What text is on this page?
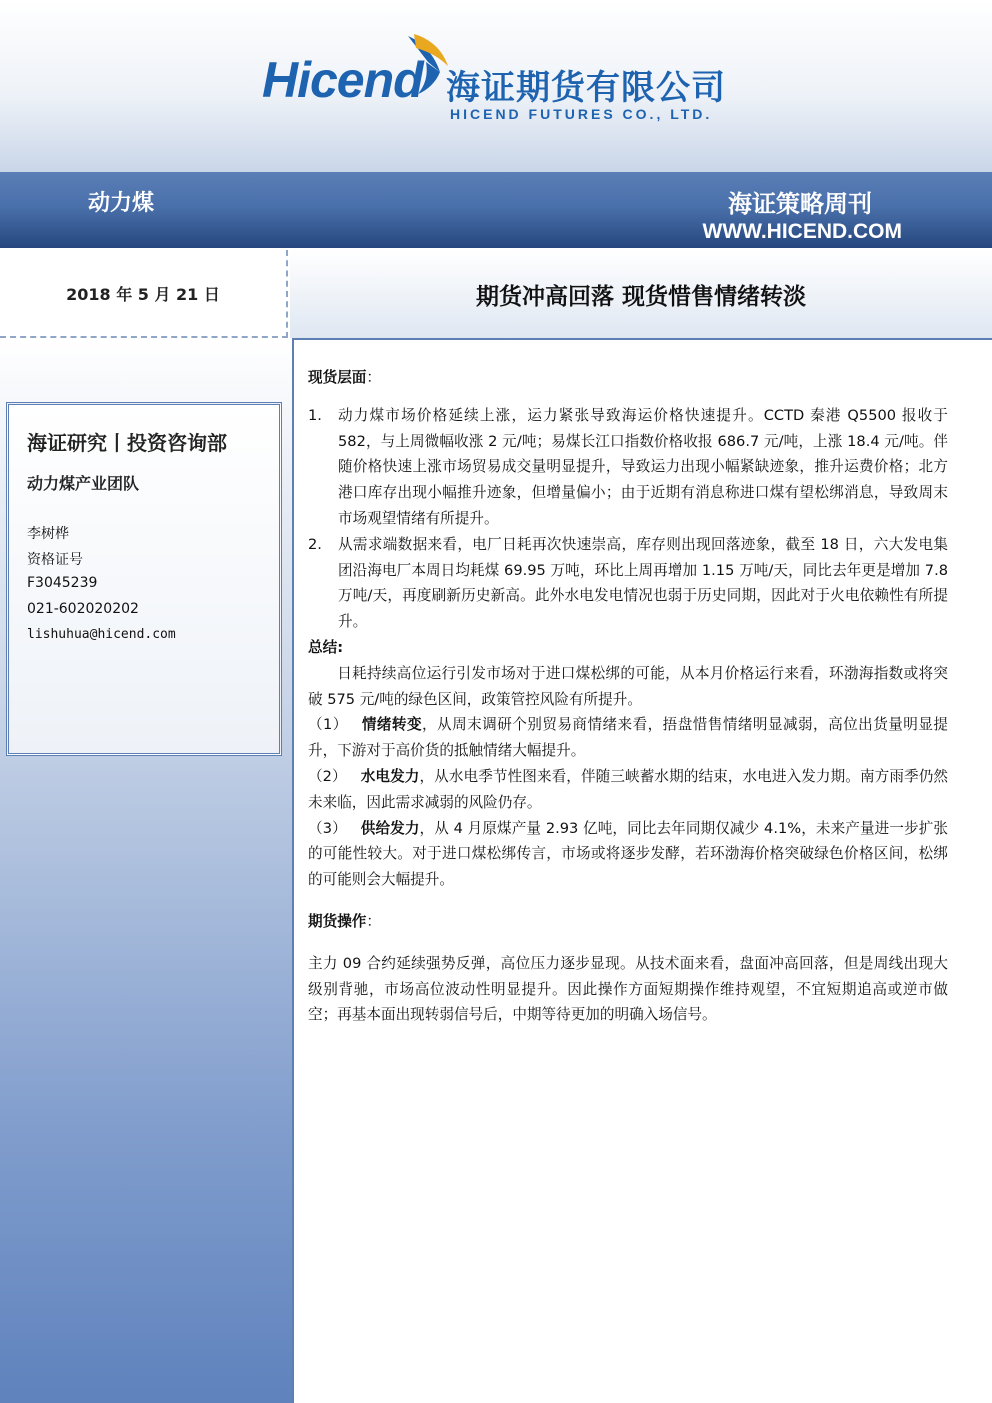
Hicend 海证期货有限公司
HICEND FUTURES CO., LTD.
动力煤	海证策略周刊
WWW.HICEND.COM
2018 年 5 月 21 日	期货冲高回落 现货惜售情绪转淡
海证研究丨投资咨询部
动力煤产业团队
李树桦
资格证号
F3045239
021-602020202
lishuhua@hicend.com
现货层面：
1.	动力煤市场价格延续上涨，运力紧张导致海运价格快速提升。CCTD 秦港 Q5500 报收于 582，与上周微幅收涨 2 元/吨；易煤长江口指数价格收报 686.7 元/吨，上涨 18.4 元/吨。伴随价格快速上涨市场贸易成交量明显提升，导致运力出现小幅紧缺迹象，推升运费价格；北方港口库存出现小幅推升迹象，但增量偏小；由于近期有消息称进口煤有望松绑消息，导致周末市场观望情绪有所提升。
2.	从需求端数据来看，电厂日耗再次快速崇高，库存则出现回落迹象，截至 18 日，六大发电集团沿海电厂本周日均耗煤 69.95 万吨，环比上周再增加 1.15 万吨/天，同比去年更是增加 7.8 万吨/天，再度刷新历史新高。此外水电发电情况也弱于历史同期，因此对于火电依赖性有所提升。
总结:
日耗持续高位运行引发市场对于进口煤松绑的可能，从本月价格运行来看，环渤海指数或将突破 575 元/吨的绿色区间，政策管控风险有所提升。
（1） 情绪转变，从周末调研个别贸易商情绪来看，捂盘惜售情绪明显减弱，高位出货量明显提升，下游对于高价货的抵触情绪大幅提升。
（2） 水电发力，从水电季节性图来看，伴随三峡蓄水期的结束，水电进入发力期。南方雨季仍然未来临，因此需求减弱的风险仍存。
（3） 供给发力，从 4 月原煤产量 2.93 亿吨，同比去年同期仅减少 4.1%，未来产量进一步扩张的可能性较大。对于进口煤松绑传言，市场或将逐步发酵，若环渤海价格突破绿色价格区间，松绑的可能则会大幅提升。
期货操作：
主力 09 合约延续强势反弹，高位压力逐步显现。从技术面来看，盘面冲高回落，但是周线出现大级别背驰，市场高位波动性明显提升。因此操作方面短期操作维持观望，不宜短期追高或逆市做空；再基本面出现转弱信号后，中期等待更加的明确入场信号。
